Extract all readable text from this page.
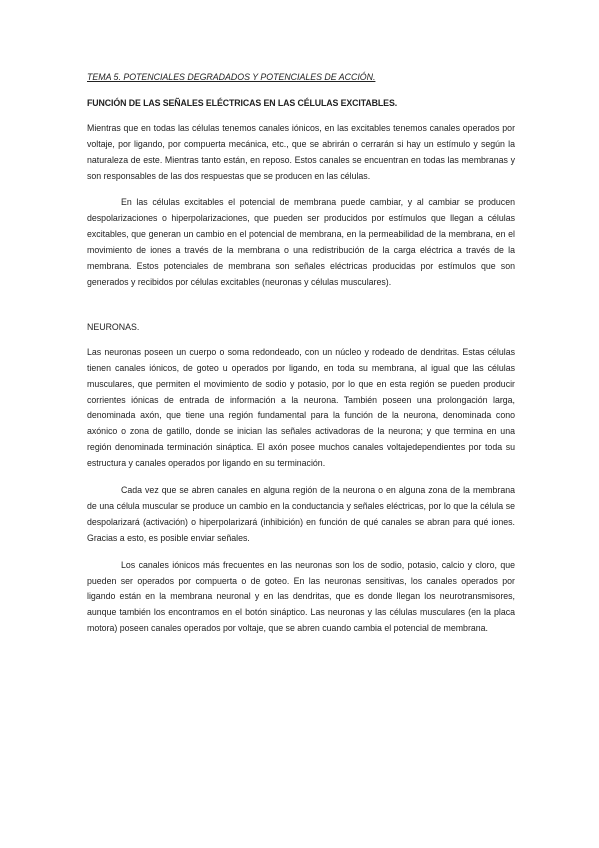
TEMA 5. POTENCIALES DEGRADADOS Y POTENCIALES DE ACCIÓN.
FUNCIÓN DE LAS SEÑALES ELÉCTRICAS EN LAS CÉLULAS EXCITABLES.

Mientras que en todas las células tenemos canales iónicos, en las excitables tenemos canales operados por voltaje, por ligando, por compuerta mecánica, etc., que se abrirán o cerrarán si hay un estímulo y según la naturaleza de este. Mientras tanto están, en reposo. Estos canales se encuentran en todas las membranas y son responsables de las dos respuestas que se producen en las células.

En las células excitables el potencial de membrana puede cambiar, y al cambiar se producen despolarizaciones o hiperpolarizaciones, que pueden ser producidos por estímulos que llegan a células excitables, que generan un cambio en el potencial de membrana, en la permeabilidad de la membrana, en el movimiento de iones a través de la membrana o una redistribución de la carga eléctrica a través de la membrana. Estos potenciales de membrana son señales eléctricas producidas por estímulos que son generados y recibidos por células excitables (neuronas y células musculares).

NEURONAS.

Las neuronas poseen un cuerpo o soma redondeado, con un núcleo y rodeado de dendritas. Estas células tienen canales iónicos, de goteo u operados por ligando, en toda su membrana, al igual que las células musculares, que permiten el movimiento de sodio y potasio, por lo que en esta región se pueden producir corrientes iónicas de entrada de información a la neurona. También poseen una prolongación larga, denominada axón, que tiene una región fundamental para la función de la neurona, denominada cono axónico o zona de gatillo, donde se inician las señales activadoras de la neurona; y que termina en una región denominada terminación sináptica. El axón posee muchos canales voltajedependientes por toda su estructura y canales operados por ligando en su terminación.

Cada vez que se abren canales en alguna región de la neurona o en alguna zona de la membrana de una célula muscular se produce un cambio en la conductancia y señales eléctricas, por lo que la célula se despolarizará (activación) o hiperpolarizará (inhibición) en función de qué canales se abran para qué iones. Gracias a esto, es posible enviar señales.

Los canales iónicos más frecuentes en las neuronas son los de sodio, potasio, calcio y cloro, que pueden ser operados por compuerta o de goteo. En las neuronas sensitivas, los canales operados por ligando están en la membrana neuronal y en las dendritas, que es donde llegan los neurotransmisores, aunque también los encontramos en el botón sináptico. Las neuronas y las células musculares (en la placa motora) poseen canales operados por voltaje, que se abren cuando cambia el potencial de membrana.
